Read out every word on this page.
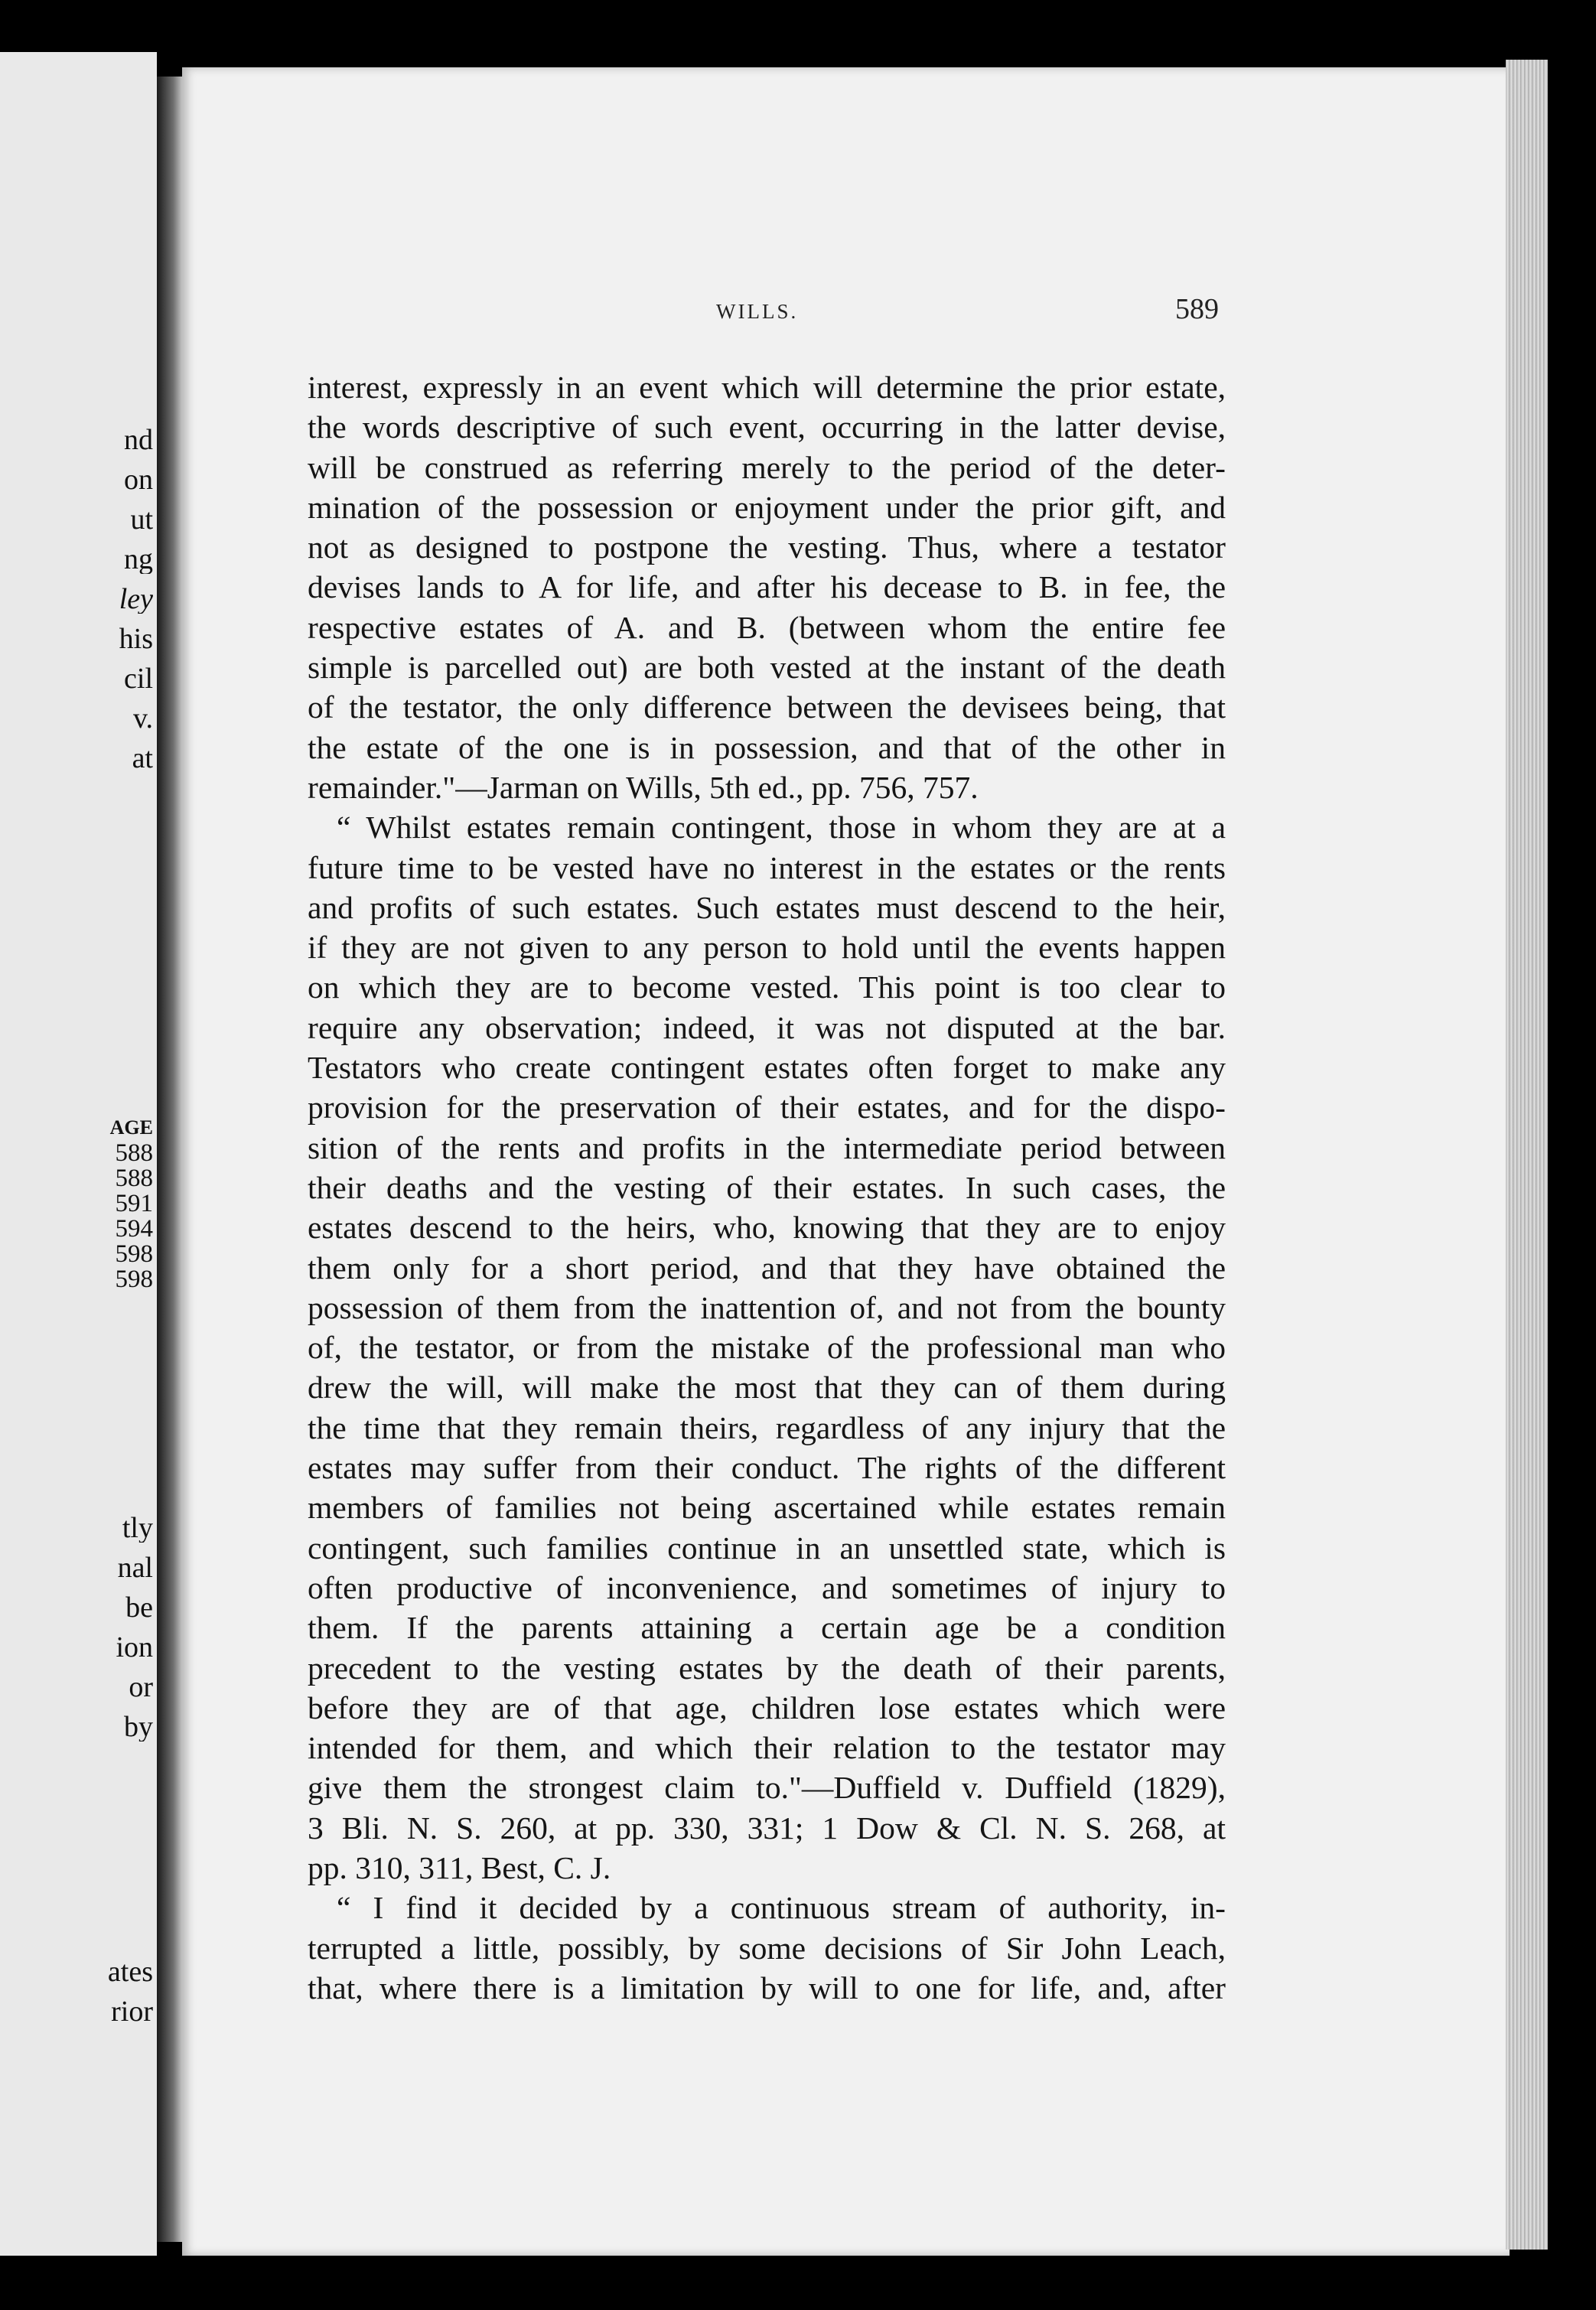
nd
on
ut
ng
ley
his
cil
v.
at
AGE
588
588
591
594
598
598
tly
nal
be
ion
or
by
ates
rior
WILLS.	589
interest, expressly in an event which will determine the prior estate,
the words descriptive of such event, occurring in the latter devise,
will be construed as referring merely to the period of the deter-
mination of the possession or enjoyment under the prior gift, and
not as designed to postpone the vesting. Thus, where a testator
devises lands to A for life, and after his decease to B. in fee, the
respective estates of A. and B. (between whom the entire fee
simple is parcelled out) are both vested at the instant of the death
of the testator, the only difference between the devisees being, that
the estate of the one is in possession, and that of the other in
remainder."—Jarman on Wills, 5th ed., pp. 756, 757.
“ Whilst estates remain contingent, those in whom they are at a
future time to be vested have no interest in the estates or the rents
and profits of such estates. Such estates must descend to the heir,
if they are not given to any person to hold until the events happen
on which they are to become vested. This point is too clear to
require any observation; indeed, it was not disputed at the bar.
Testators who create contingent estates often forget to make any
provision for the preservation of their estates, and for the dispo-
sition of the rents and profits in the intermediate period between
their deaths and the vesting of their estates. In such cases, the
estates descend to the heirs, who, knowing that they are to enjoy
them only for a short period, and that they have obtained the
possession of them from the inattention of, and not from the bounty
of, the testator, or from the mistake of the professional man who
drew the will, will make the most that they can of them during
the time that they remain theirs, regardless of any injury that the
estates may suffer from their conduct. The rights of the different
members of families not being ascertained while estates remain
contingent, such families continue in an unsettled state, which is
often productive of inconvenience, and sometimes of injury to
them. If the parents attaining a certain age be a condition
precedent to the vesting estates by the death of their parents,
before they are of that age, children lose estates which were
intended for them, and which their relation to the testator may
give them the strongest claim to."—Duffield v. Duffield (1829),
3 Bli. N. S. 260, at pp. 330, 331; 1 Dow & Cl. N. S. 268, at
pp. 310, 311, Best, C. J.
“ I find it decided by a continuous stream of authority, in-
terrupted a little, possibly, by some decisions of Sir John Leach,
that, where there is a limitation by will to one for life, and, after
